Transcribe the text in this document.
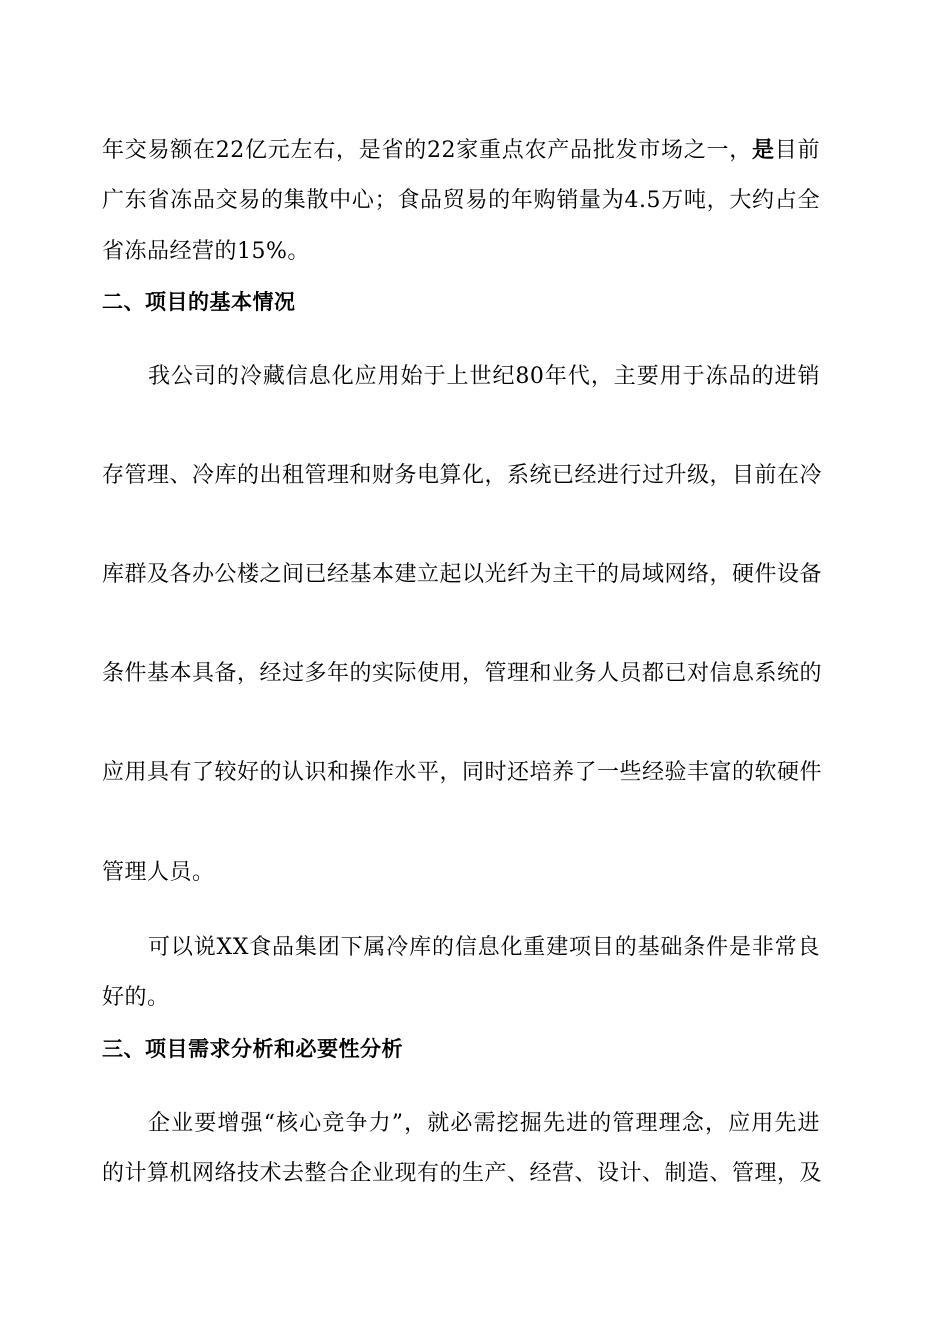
年交易额在22亿元左右，是省的22家重点农产品批发市场之一，是目前
广东省冻品交易的集散中心；食品贸易的年购销量为4.5万吨，大约占全
省冻品经营的15%。
二、项目的基本情况
我公司的冷藏信息化应用始于上世纪80年代，主要用于冻品的进销
存管理、冷库的出租管理和财务电算化，系统已经进行过升级，目前在冷
库群及各办公楼之间已经基本建立起以光纤为主干的局域网络，硬件设备
条件基本具备，经过多年的实际使用，管理和业务人员都已对信息系统的
应用具有了较好的认识和操作水平，同时还培养了一些经验丰富的软硬件
管理人员。
可以说XX食品集团下属冷库的信息化重建项目的基础条件是非常良
好的。
三、项目需求分析和必要性分析
企业要增强“核心竞争力”，就必需挖掘先进的管理理念，应用先进
的计算机网络技术去整合企业现有的生产、经营、设计、制造、管理，及
